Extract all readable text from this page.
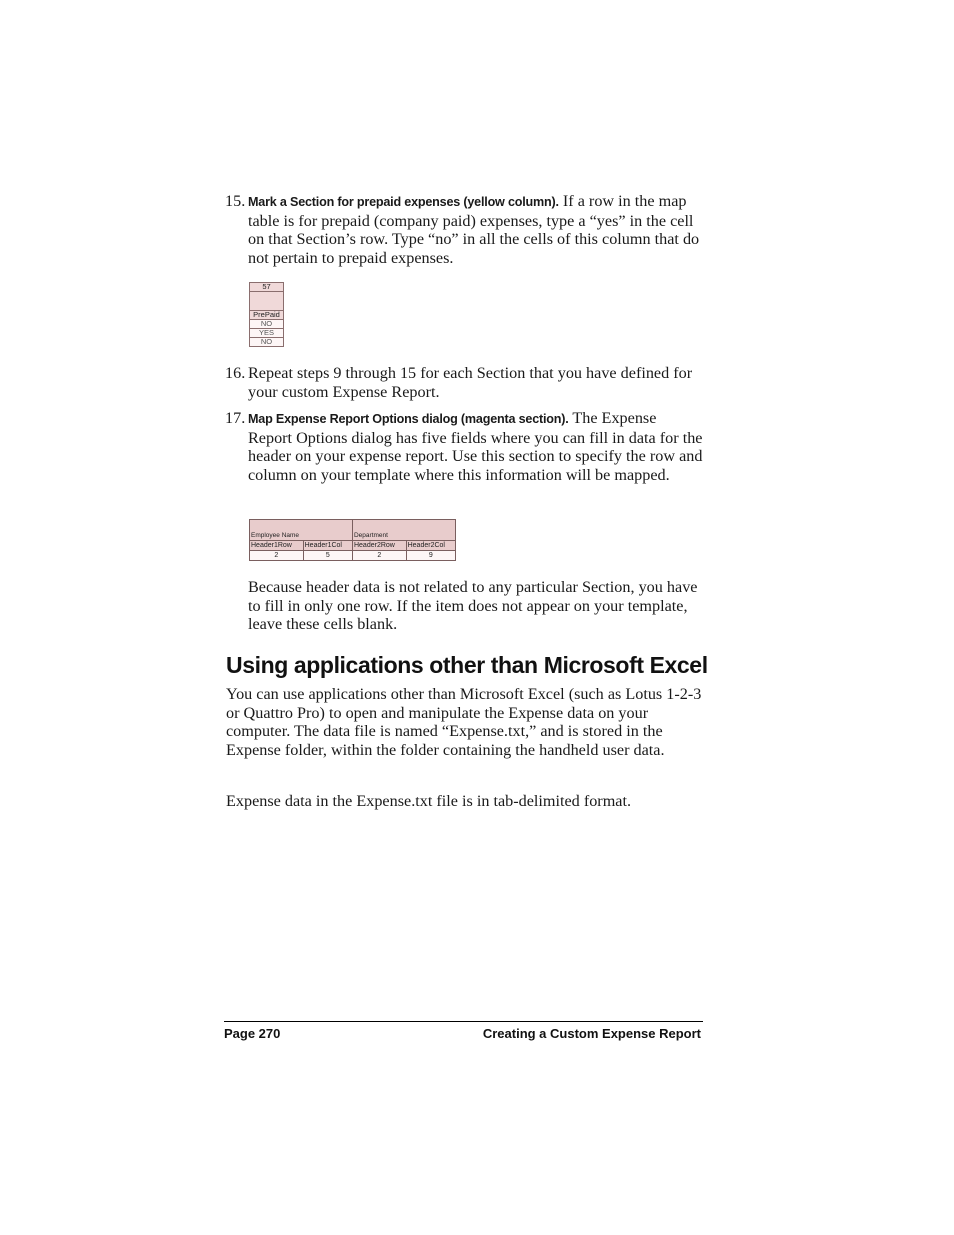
15. Mark a Section for prepaid expenses (yellow column). If a row in the map table is for prepaid (company paid) expenses, type a “yes” in the cell on that Section’s row. Type “no” in all the cells of this column that do not pertain to prepaid expenses.
57

PrePaid
NO
YES
NO
16. Repeat steps 9 through 15 for each Section that you have defined for your custom Expense Report.
17. Map Expense Report Options dialog (magenta section). The Expense Report Options dialog has five fields where you can fill in data for the header on your expense report. Use this section to specify the row and column on your template where this information will be mapped.
Employee Name		Department	
Header1Row	Header1Col	Header2Row	Header2Col
2	5	2	9
Because header data is not related to any particular Section, you have to fill in only one row. If the item does not appear on your template, leave these cells blank.
Using applications other than Microsoft Excel
You can use applications other than Microsoft Excel (such as Lotus 1-2-3 or Quattro Pro) to open and manipulate the Expense data on your computer. The data file is named “Expense.txt,” and is stored in the Expense folder, within the folder containing the handheld user data.
Expense data in the Expense.txt file is in tab-delimited format.
Page 270	Creating a Custom Expense Report
